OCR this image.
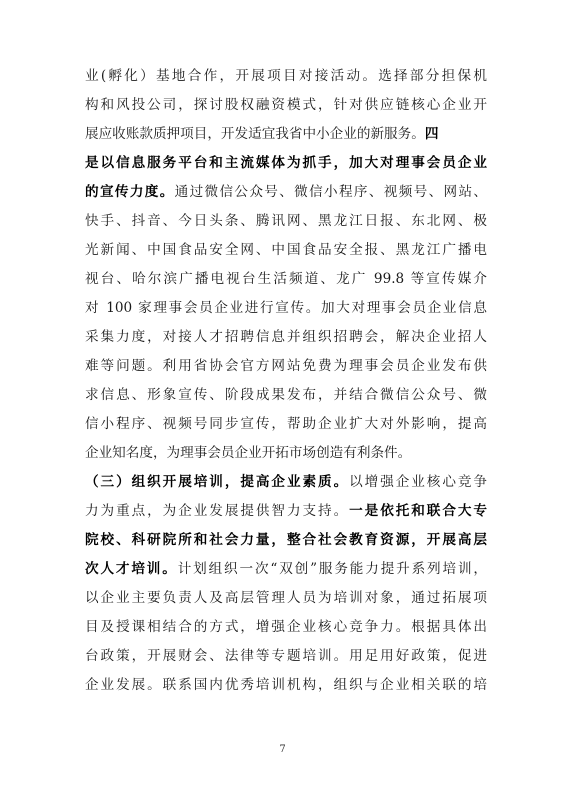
业(孵化）基地合作，开展项目对接活动。选择部分担保机
构和风投公司，探讨股权融资模式，针对供应链核心企业开
展应收账款质押项目，开发适宜我省中小企业的新服务。四
是以信息服务平台和主流媒体为抓手，加大对理事会员企业
的宣传力度。通过微信公众号、微信小程序、视频号、网站、
快手、抖音、今日头条、腾讯网、黑龙江日报、东北网、极
光新闻、中国食品安全网、中国食品安全报、黑龙江广播电
视台、哈尔滨广播电视台生活频道、龙广 99.8 等宣传媒介
对 100 家理事会员企业进行宣传。加大对理事会员企业信息
采集力度，对接人才招聘信息并组织招聘会，解决企业招人
难等问题。利用省协会官方网站免费为理事会员企业发布供
求信息、形象宣传、阶段成果发布，并结合微信公众号、微
信小程序、视频号同步宣传，帮助企业扩大对外影响，提高
企业知名度，为理事会员企业开拓市场创造有利条件。
（三）组织开展培训，提高企业素质。以增强企业核心竞争
力为重点，为企业发展提供智力支持。一是依托和联合大专
院校、科研院所和社会力量，整合社会教育资源，开展高层
次人才培训。计划组织一次“双创”服务能力提升系列培训，
以企业主要负责人及高层管理人员为培训对象，通过拓展项
目及授课相结合的方式，增强企业核心竞争力。根据具体出
台政策，开展财会、法律等专题培训。用足用好政策，促进
企业发展。联系国内优秀培训机构，组织与企业相关联的培
7
